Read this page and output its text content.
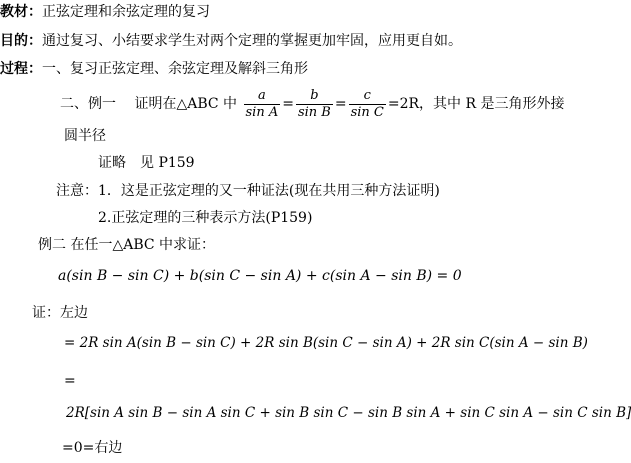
教材：正弦定理和余弦定理的复习
目的：通过复习、小结要求学生对两个定理的掌握更加牢固，应用更自如。
过程：一、复习正弦定理、余弦定理及解斜三角形
二、例一　 证明在△ABC 中 $\frac{a}{\text{sin A}} = \frac{b}{\text{sin B}} = \frac{c}{\text{sin C}} =2R$，其中 R 是三角形外接
圆半径
证略　见 P159
注意：1．这是正弦定理的又一种证法(现在共用三种方法证明)
2.正弦定理的三种表示方法(P159)
例二 在任一△ABC 中求证：
a(sin B − sin C) + b(sin C − sin A) + c(sin A − sin B) = 0
证：左边
= 2R sin A(sin B − sin C) + 2R sin B(sin C − sin A) + 2R sin C(sin A − sin B)
=
2R[sin A sin B − sin A sin C + sin B sin C − sin B sin A + sin C sin A − sin C sin B]
=0=右边
